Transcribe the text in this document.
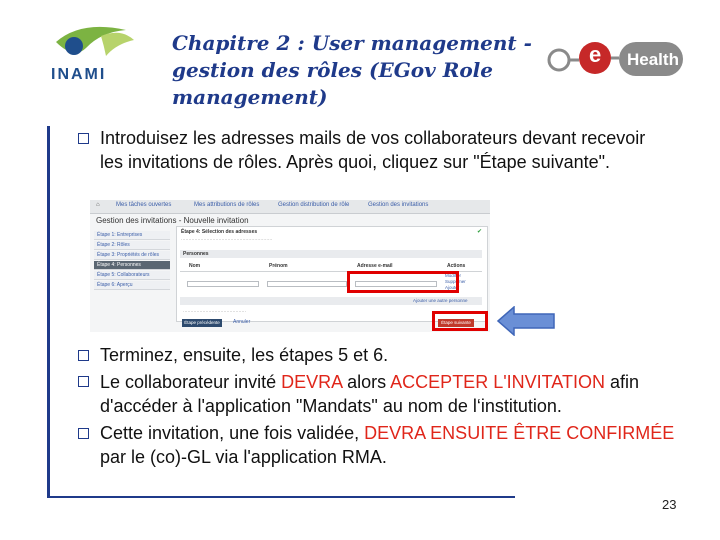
INAMI
Chapitre 2 : User management - gestion des rôles (EGov Role management)
e Health
Introduisez les adresses mails de vos collaborateurs devant recevoir les invitations de rôles. Après quoi, cliquez sur "Étape suivante".
⌂	Mes tâches ouvertes	Mes attributions de rôles	Gestion distribution de rôle	Gestion des invitations
Gestion des invitations - Nouvelle invitation
Étape 1: Entreprises
Étape 2: Rôles
Étape 3: Propriétés de rôles
Étape 4: Personnes
Étape 5: Collaborateurs
Étape 6: Aperçu
Étape 4: Sélection des adresses	✔
·····························································
Personnes
Nom	Prénom	Adresse e-mail	Actions
Modifier
Supprimer
Ajouter
Ajouter une autre personne
··········································
Étape précédente	Annuler	Étape suivante
Terminez, ensuite, les étapes 5 et 6.
Le collaborateur invité DEVRA alors ACCEPTER L'INVITATION afin d'accéder à l'application "Mandats" au nom de l‘institution.
Cette invitation, une fois validée, DEVRA ENSUITE ÊTRE CONFIRMÉE par le (co)-GL via l'application RMA.
23
